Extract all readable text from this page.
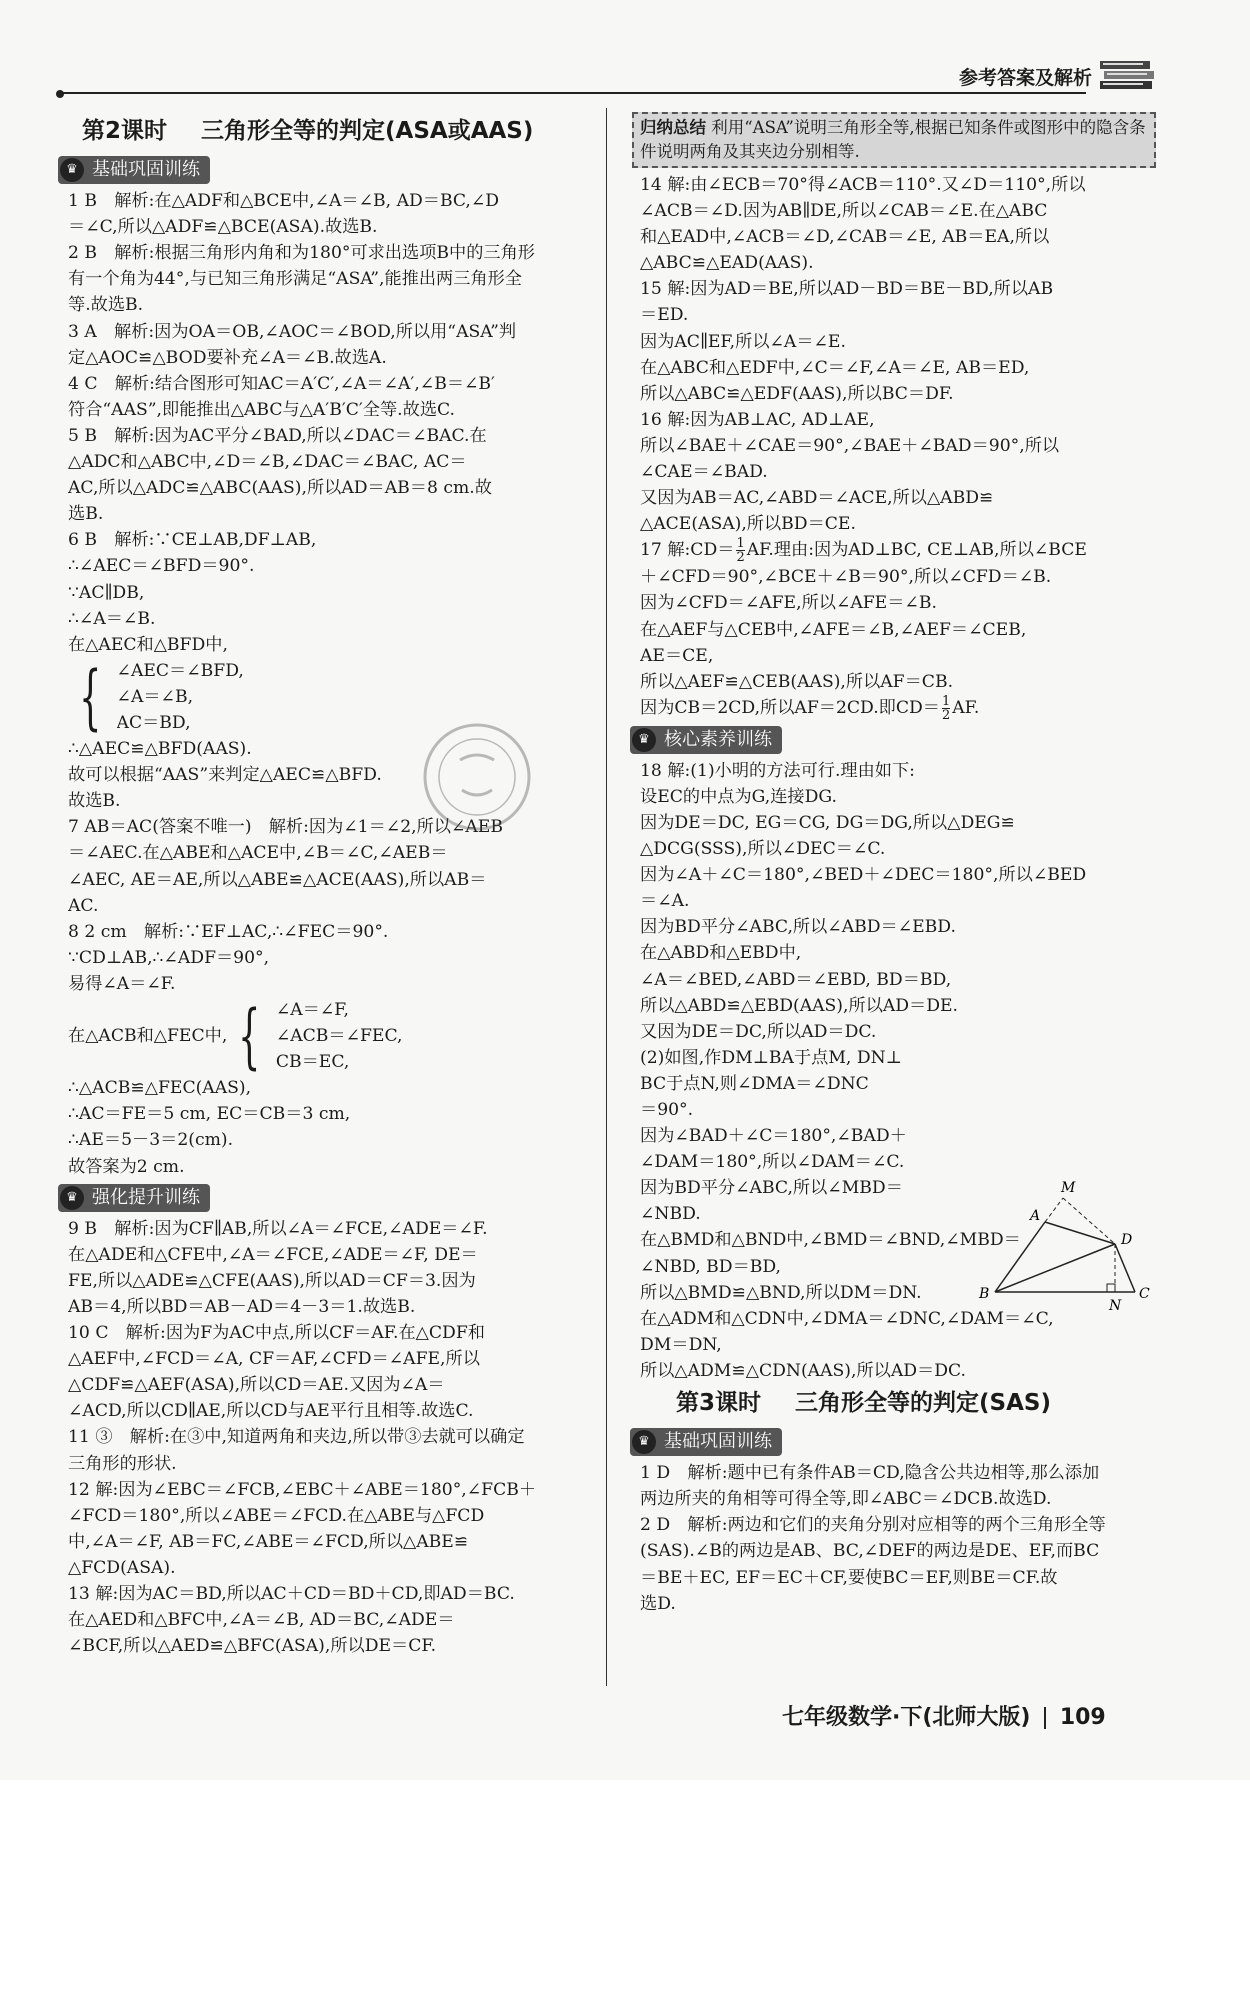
参考答案及解析
第2课时 三角形全等的判定(ASA或AAS)
♛ 基础巩固训练
1 B　解析:在△ADF和△BCE中,∠A＝∠B, AD＝BC,∠D
＝∠C,所以△ADF≌△BCE(ASA).故选B.
2 B　解析:根据三角形内角和为180°可求出选项B中的三角形
有一个角为44°,与已知三角形满足“ASA”,能推出两三角形全
等.故选B.
3 A　解析:因为OA＝OB,∠AOC＝∠BOD,所以用“ASA”判
定△AOC≌△BOD要补充∠A＝∠B.故选A.
4 C　解析:结合图形可知AC＝A′C′,∠A＝∠A′,∠B＝∠B′
符合“AAS”,即能推出△ABC与△A′B′C′全等.故选C.
5 B　解析:因为AC平分∠BAD,所以∠DAC＝∠BAC.在
△ADC和△ABC中,∠D＝∠B,∠DAC＝∠BAC, AC＝
AC,所以△ADC≌△ABC(AAS),所以AD＝AB＝8 cm.故
选B.
6 B　解析:∵CE⊥AB,DF⊥AB,
∴∠AEC＝∠BFD＝90°.
∵AC∥DB,
∴∠A＝∠B.
在△AEC和△BFD中,
{ ∠AEC＝∠BFD,
∠A＝∠B,
AC＝BD,
∴△AEC≌△BFD(AAS).
故可以根据“AAS”来判定△AEC≌△BFD.
故选B.
7 AB＝AC(答案不唯一)　解析:因为∠1＝∠2,所以∠AEB
＝∠AEC.在△ABE和△ACE中,∠B＝∠C,∠AEB＝
∠AEC, AE＝AE,所以△ABE≌△ACE(AAS),所以AB＝
AC.
8 2 cm　解析:∵EF⊥AC,∴∠FEC＝90°.
∵CD⊥AB,∴∠ADF＝90°,
易得∠A＝∠F.
在△ACB和△FEC中, { ∠A＝∠F,
∠ACB＝∠FEC,
CB＝EC,
∴△ACB≌△FEC(AAS),
∴AC＝FE＝5 cm, EC＝CB＝3 cm,
∴AE＝5－3＝2(cm).
故答案为2 cm.
♛ 强化提升训练
9 B　解析:因为CF∥AB,所以∠A＝∠FCE,∠ADE＝∠F.
在△ADE和△CFE中,∠A＝∠FCE,∠ADE＝∠F, DE＝
FE,所以△ADE≌△CFE(AAS),所以AD＝CF＝3.因为
AB＝4,所以BD＝AB－AD＝4－3＝1.故选B.
10 C　解析:因为F为AC中点,所以CF＝AF.在△CDF和
△AEF中,∠FCD＝∠A, CF＝AF,∠CFD＝∠AFE,所以
△CDF≌△AEF(ASA),所以CD＝AE.又因为∠A＝
∠ACD,所以CD∥AE,所以CD与AE平行且相等.故选C.
11 ③　解析:在③中,知道两角和夹边,所以带③去就可以确定
三角形的形状.
12 解:因为∠EBC＝∠FCB,∠EBC＋∠ABE＝180°,∠FCB＋
∠FCD＝180°,所以∠ABE＝∠FCD.在△ABE与△FCD
中,∠A＝∠F, AB＝FC,∠ABE＝∠FCD,所以△ABE≌
△FCD(ASA).
13 解:因为AC＝BD,所以AC＋CD＝BD＋CD,即AD＝BC.
在△AED和△BFC中,∠A＝∠B, AD＝BC,∠ADE＝
∠BCF,所以△AED≌△BFC(ASA),所以DE＝CF.
归纳总结 利用“ASA”说明三角形全等,根据已知条件或图形中的隐含条件说明两角及其夹边分别相等.
14 解:由∠ECB＝70°得∠ACB＝110°.又∠D＝110°,所以
∠ACB＝∠D.因为AB∥DE,所以∠CAB＝∠E.在△ABC
和△EAD中,∠ACB＝∠D,∠CAB＝∠E, AB＝EA,所以
△ABC≌△EAD(AAS).
15 解:因为AD＝BE,所以AD－BD＝BE－BD,所以AB
＝ED.
因为AC∥EF,所以∠A＝∠E.
在△ABC和△EDF中,∠C＝∠F,∠A＝∠E, AB＝ED,
所以△ABC≌△EDF(AAS),所以BC＝DF.
16 解:因为AB⊥AC, AD⊥AE,
所以∠BAE＋∠CAE＝90°,∠BAE＋∠BAD＝90°,所以
∠CAE＝∠BAD.
又因为AB＝AC,∠ABD＝∠ACE,所以△ABD≌
△ACE(ASA),所以BD＝CE.
17 解:CD＝ $\frac{1}{2}$ AF.理由:因为AD⊥BC, CE⊥AB,所以∠BCE
＋∠CFD＝90°,∠BCE＋∠B＝90°,所以∠CFD＝∠B.
因为∠CFD＝∠AFE,所以∠AFE＝∠B.
在△AEF与△CEB中,∠AFE＝∠B,∠AEF＝∠CEB,
AE＝CE,
所以△AEF≌△CEB(AAS),所以AF＝CB.
因为CB＝2CD,所以AF＝2CD.即$CD= \frac{1}{2}$ AF.
♛ 核心素养训练
18 解:(1)小明的方法可行.理由如下:
设EC的中点为G,连接DG.
因为DE＝DC, EG＝CG, DG＝DG,所以△DEG≌
△DCG(SSS),所以∠DEC＝∠C.
因为∠A＋∠C＝180°,∠BED＋∠DEC＝180°,所以∠BED
＝∠A.
因为BD平分∠ABC,所以∠ABD＝∠EBD.
在△ABD和△EBD中,
∠A＝∠BED,∠ABD＝∠EBD, BD＝BD,
所以△ABD≌△EBD(AAS),所以AD＝DE.
又因为DE＝DC,所以AD＝DC.
(2)如图,作DM⊥BA于点M, DN⊥
BC于点N,则∠DMA＝∠DNC
＝90°.
因为∠BAD＋∠C＝180°,∠BAD＋
∠DAM＝180°,所以∠DAM＝∠C.
因为BD平分∠ABC,所以∠MBD＝
∠NBD.
在△BMD和△BND中,∠BMD＝∠BND,∠MBD＝
∠NBD, BD＝BD,
所以△BMD≌△BND,所以DM＝DN.
在△ADM和△CDN中,∠DMA＝∠DNC,∠DAM＝∠C,
DM＝DN,
所以△ADM≌△CDN(AAS),所以AD＝DC.
第3课时 三角形全等的判定(SAS)
♛ 基础巩固训练
1 D　解析:题中已有条件AB＝CD,隐含公共边相等,那么添加
两边所夹的角相等可得全等,即∠ABC＝∠DCB.故选D.
2 D　解析:两边和它们的夹角分别对应相等的两个三角形全等
(SAS).∠B的两边是AB、BC,∠DEF的两边是DE、EF,而BC
＝BE＋EC, EF＝EC＋CF,要使BC＝EF,则BE＝CF.故
选D.
M
A
D
B
N
C
七年级数学·下(北师大版) 109
